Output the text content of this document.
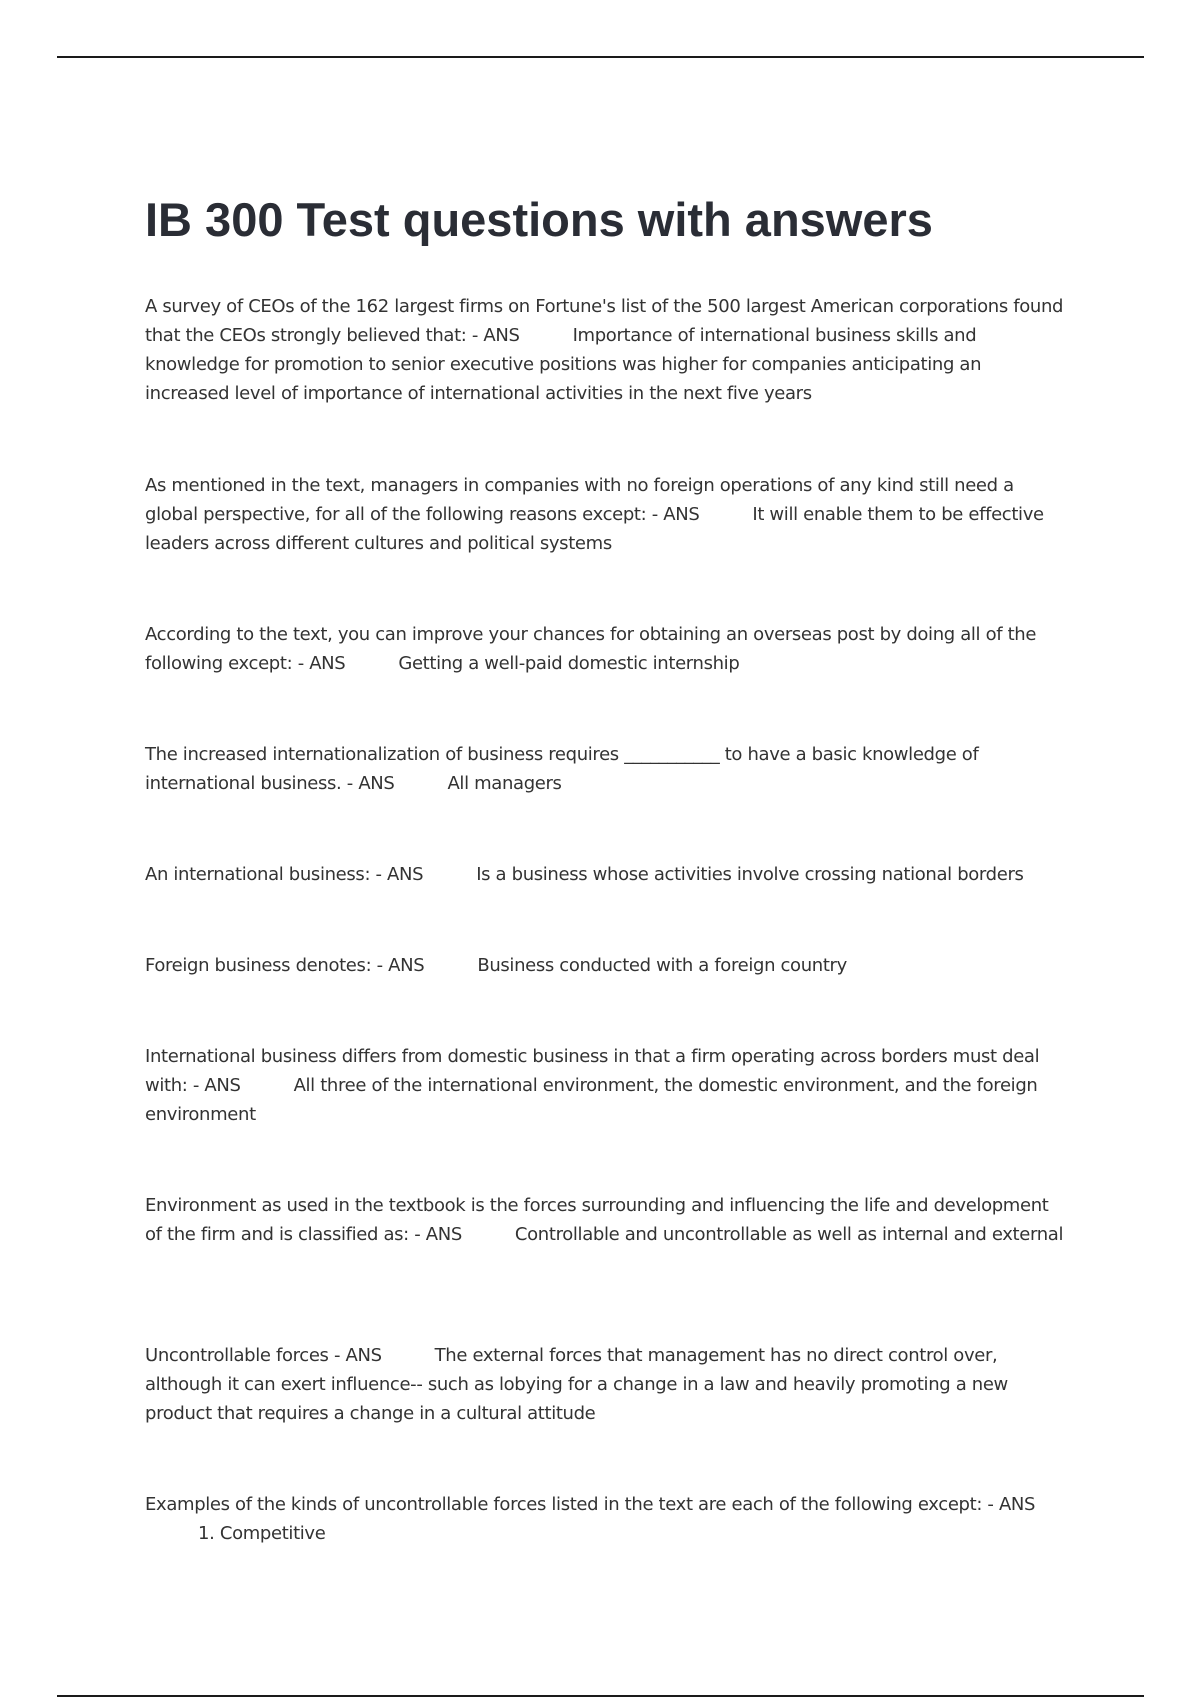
IB 300 Test questions with answers

A survey of CEOs of the 162 largest firms on Fortune's list of the 500 largest American corporations found that the CEOs strongly believed that: - ANS	Importance of international business skills and knowledge for promotion to senior executive positions was higher for companies anticipating an increased level of importance of international activities in the next five years

As mentioned in the text, managers in companies with no foreign operations of any kind still need a global perspective, for all of the following reasons except: - ANS	It will enable them to be effective leaders across different cultures and political systems

According to the text, you can improve your chances for obtaining an overseas post by doing all of the following except: - ANS	Getting a well-paid domestic internship

The increased internationalization of business requires ___________ to have a basic knowledge of international business. - ANS	All managers

An international business: - ANS	Is a business whose activities involve crossing national borders

Foreign business denotes: - ANS	Business conducted with a foreign country

International business differs from domestic business in that a firm operating across borders must deal with: - ANS	All three of the international environment, the domestic environment, and the foreign environment

Environment as used in the textbook is the forces surrounding and influencing the life and development of the firm and is classified as: - ANS	Controllable and uncontrollable as well as internal and external

Uncontrollable forces - ANS	The external forces that management has no direct control over, although it can exert influence-- such as lobying for a change in a law and heavily promoting a new product that requires a change in a cultural attitude

Examples of the kinds of uncontrollable forces listed in the text are each of the following except: - ANS1. Competitive
